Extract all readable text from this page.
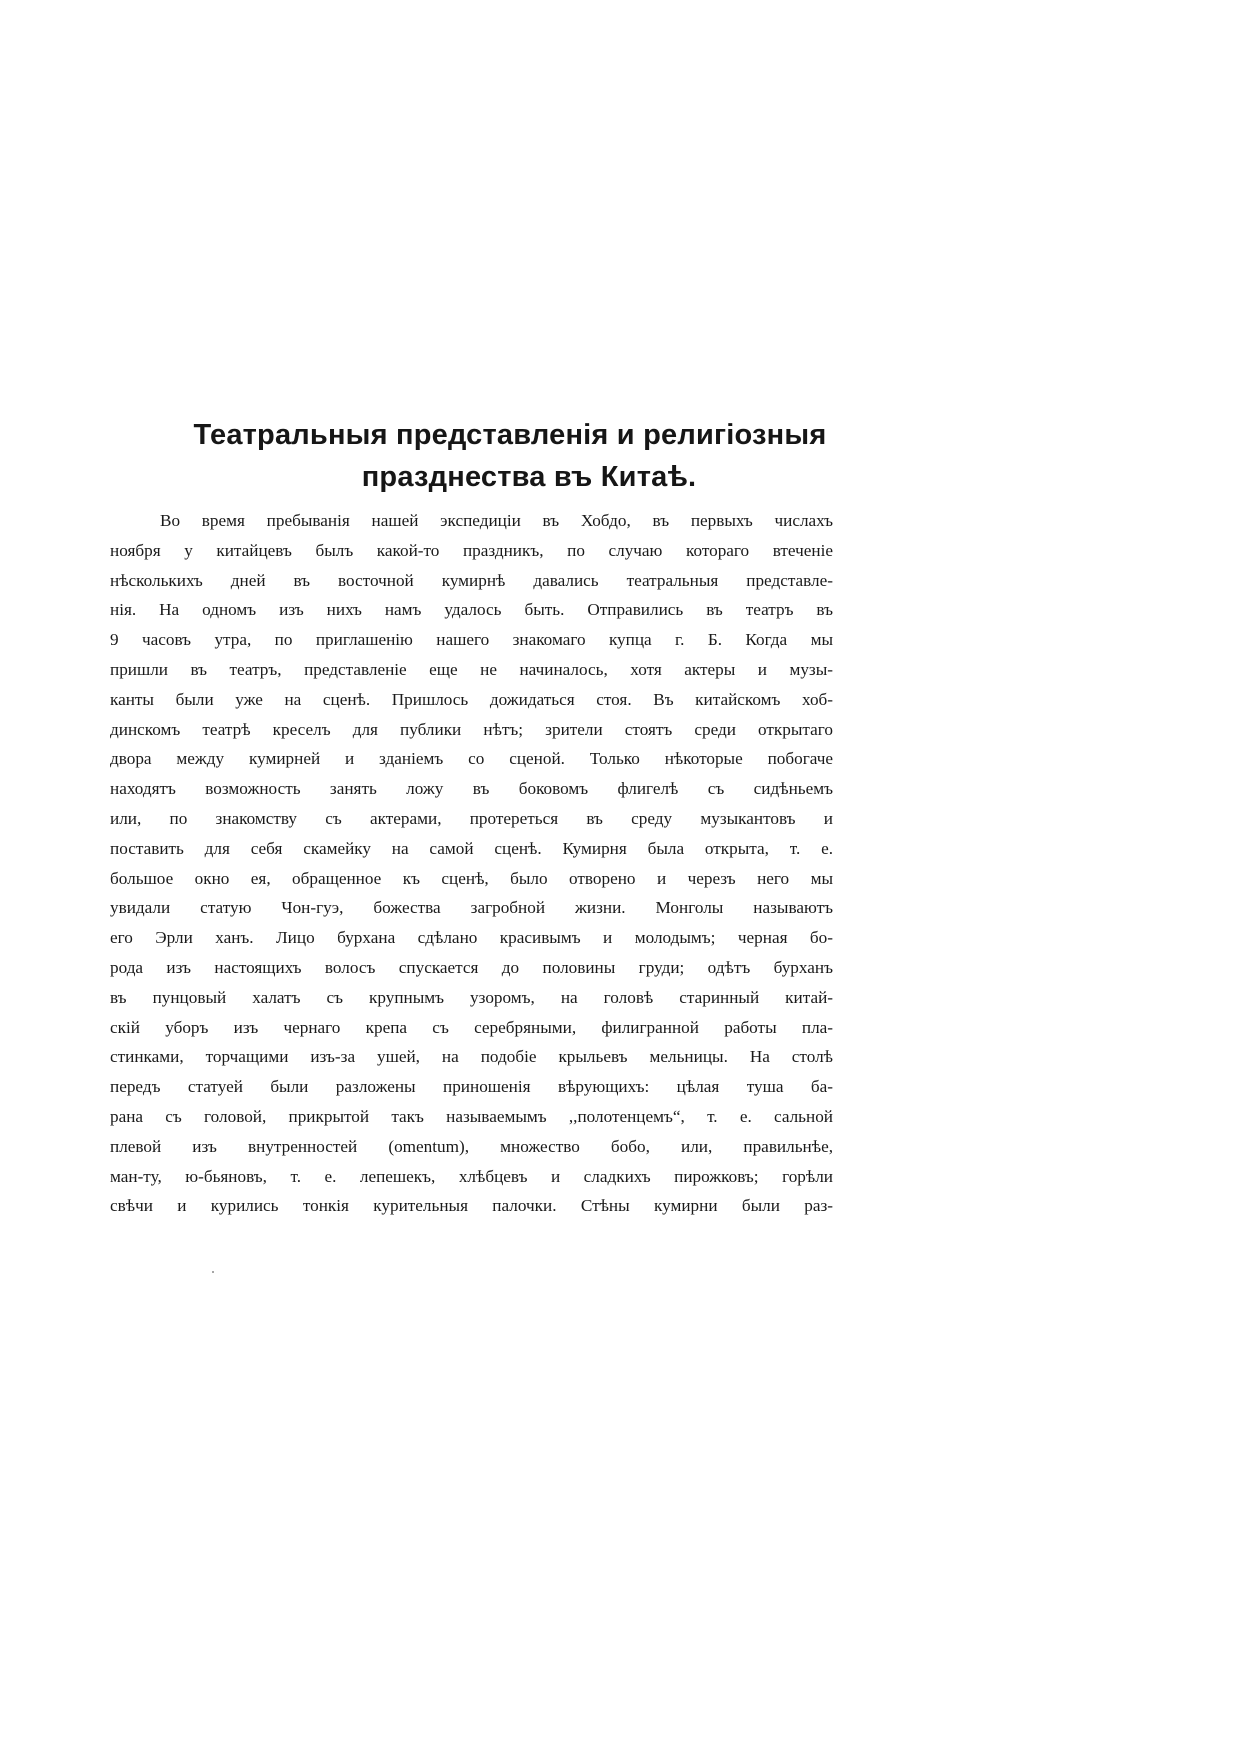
Театральныя представленія и религіозныя
празднества въ Китаѣ.
Во время пребыванія нашей экспедиціи въ Хобдо, въ первыхъ числахъ
ноября у китайцевъ былъ какой-то праздникъ, по случаю котораго втеченіе
нѣсколькихъ дней въ восточной кумирнѣ давались театральныя представле-
нія. На одномъ изъ нихъ намъ удалось быть. Отправились въ театръ въ
9 часовъ утра, по приглашенію нашего знакомаго купца г. Б. Когда мы
пришли въ театръ, представленіе еще не начиналось, хотя актеры и музы-
канты были уже на сценѣ. Пришлось дожидаться стоя. Въ китайскомъ хоб-
динскомъ театрѣ креселъ для публики нѣтъ; зрители стоятъ среди открытаго
двора между кумирней и зданіемъ со сценой. Только нѣкоторые побогаче
находятъ возможность занять ложу въ боковомъ флигелѣ съ сидѣньемъ
или, по знакомству съ актерами, протереться въ среду музыкантовъ и
поставить для себя скамейку на самой сценѣ. Кумирня была открыта, т. е.
большое окно ея, обращенное къ сценѣ, было отворено и черезъ него мы
увидали статую Чон-гуэ, божества загробной жизни. Монголы называютъ
его Эрли ханъ. Лицо бурхана сдѣлано красивымъ и молодымъ; черная бо-
рода изъ настоящихъ волосъ спускается до половины груди; одѣтъ бурханъ
въ пунцовый халатъ съ крупнымъ узоромъ, на головѣ старинный китай-
скій уборъ изъ чернаго крепа съ серебряными, филигранной работы пла-
стинками, торчащими изъ-за ушей, на подобіе крыльевъ мельницы. На столѣ
передъ статуей были разложены приношенія вѣрующихъ: цѣлая туша ба-
рана съ головой, прикрытой такъ называемымъ ,,полотенцемъ“, т. е. сальной
плевой изъ внутренностей (omentum), множество бобо, или, правильнѣе,
ман-ту, ю-бьяновъ, т. е. лепешекъ, хлѣбцевъ и сладкихъ пирожковъ; горѣли
свѣчи и курились тонкія курительныя палочки. Стѣны кумирни были раз-
